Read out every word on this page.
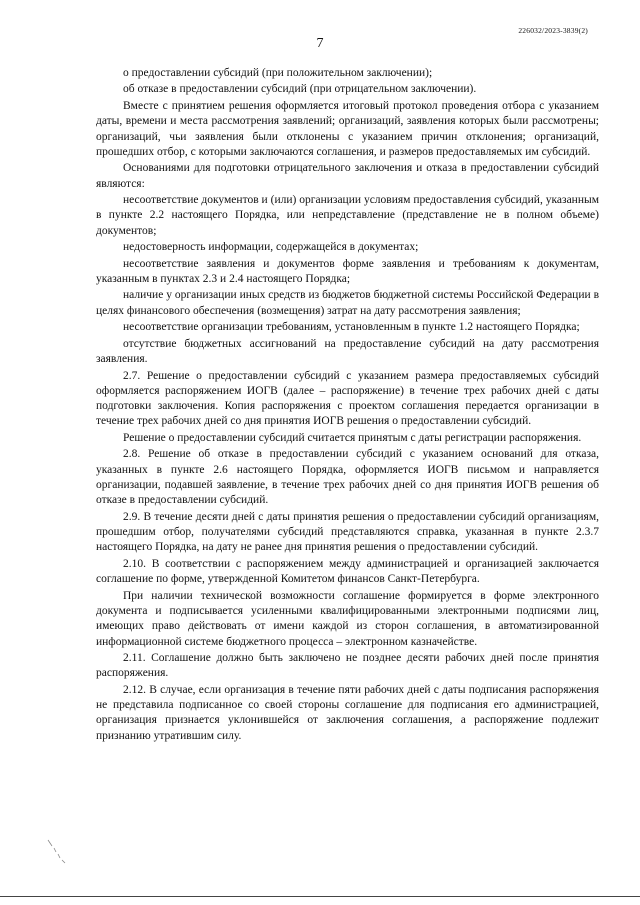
226032/2023-3839(2)
7

о предоставлении субсидий (при положительном заключении);

об отказе в предоставлении субсидий (при отрицательном заключении).

Вместе с принятием решения оформляется итоговый протокол проведения отбора с указанием даты, времени и места рассмотрения заявлений; организаций, заявления которых были рассмотрены; организаций, чьи заявления были отклонены с указанием причин отклонения; организаций, прошедших отбор, с которыми заключаются соглашения, и размеров предоставляемых им субсидий.

Основаниями для подготовки отрицательного заключения и отказа в предоставлении субсидий являются:

несоответствие документов и (или) организации условиям предоставления субсидий, указанным в пункте 2.2 настоящего Порядка, или непредставление (представление не в полном объеме) документов;

недостоверность информации, содержащейся в документах;

несоответствие заявления и документов форме заявления и требованиям к документам, указанным в пунктах 2.3 и 2.4 настоящего Порядка;

наличие у организации иных средств из бюджетов бюджетной системы Российской Федерации в целях финансового обеспечения (возмещения) затрат на дату рассмотрения заявления;

несоответствие организации требованиям, установленным в пункте 1.2 настоящего Порядка;

отсутствие бюджетных ассигнований на предоставление субсидий на дату рассмотрения заявления.

2.7. Решение о предоставлении субсидий с указанием размера предоставляемых субсидий оформляется распоряжением ИОГВ (далее – распоряжение) в течение трех рабочих дней с даты подготовки заключения. Копия распоряжения с проектом соглашения передается организации в течение трех рабочих дней со дня принятия ИОГВ решения о предоставлении субсидий.

Решение о предоставлении субсидий считается принятым с даты регистрации распоряжения.

2.8. Решение об отказе в предоставлении субсидий с указанием оснований для отказа, указанных в пункте 2.6 настоящего Порядка, оформляется ИОГВ письмом и направляется организации, подавшей заявление, в течение трех рабочих дней со дня принятия ИОГВ решения об отказе в предоставлении субсидий.

2.9. В течение десяти дней с даты принятия решения о предоставлении субсидий организациям, прошедшим отбор, получателями субсидий представляются справка, указанная в пункте 2.3.7 настоящего Порядка, на дату не ранее дня принятия решения о предоставлении субсидий.

2.10. В соответствии с распоряжением между администрацией и организацией заключается соглашение по форме, утвержденной Комитетом финансов Санкт-Петербурга.

При наличии технической возможности соглашение формируется в форме электронного документа и подписывается усиленными квалифицированными электронными подписями лиц, имеющих право действовать от имени каждой из сторон соглашения, в автоматизированной информационной системе бюджетного процесса – электронном казначействе.

2.11. Соглашение должно быть заключено не позднее десяти рабочих дней после принятия распоряжения.

2.12. В случае, если организация в течение пяти рабочих дней с даты подписания распоряжения не представила подписанное со своей стороны соглашение для подписания его администрацией, организация признается уклонившейся от заключения соглашения, а распоряжение подлежит признанию утратившим силу.
